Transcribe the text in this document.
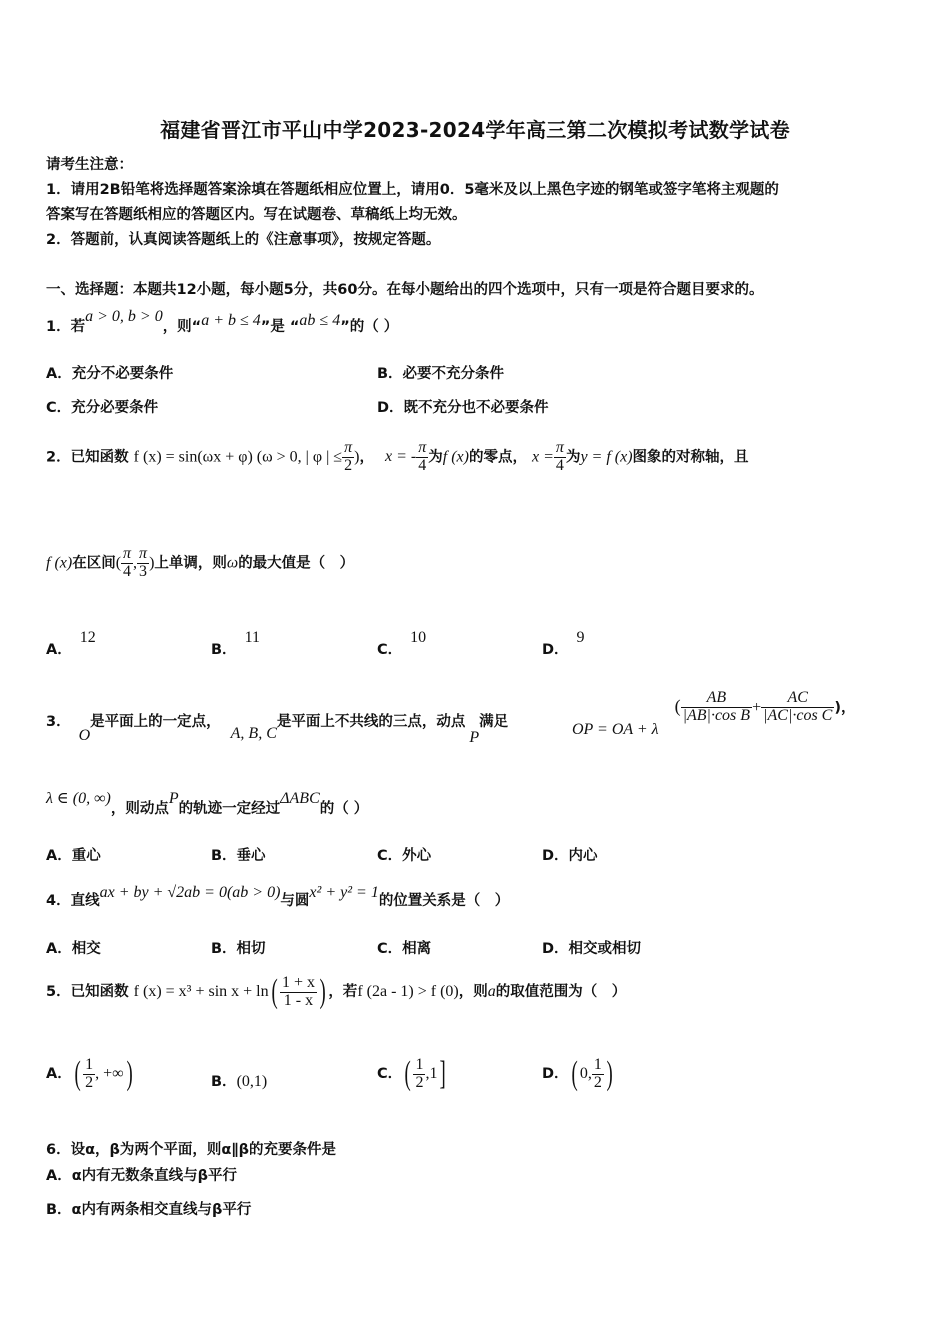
福建省晋江市平山中学2023-2024学年高三第二次模拟考试数学试卷
请考生注意：
1．请用2B铅笔将选择题答案涂填在答题纸相应位置上，请用0．5毫米及以上黑色字迹的钢笔或签字笔将主观题的
答案写在答题纸相应的答题区内。写在试题卷、草稿纸上均无效。
2．答题前，认真阅读答题纸上的《注意事项》，按规定答题。
一、选择题：本题共12小题，每小题5分，共60分。在每小题给出的四个选项中，只有一项是符合题目要求的。
1．若a > 0, b > 0，则“a + b ≤ 4”是 “ab ≤ 4”的（ ）
A．充分不必要条件	B．必要不充分条件
C．充分必要条件	D．既不充分也不必要条件
2．已知函数 f (x) = sin(ωx + φ) (ω > 0, | φ | ≤ $\frac{\pi}{2}$ )， x = - $\frac{\pi}{4}$ 为f (x)的零点， $x = \frac{\pi}{4}$ 为y = f (x)图象的对称轴，且
f (x)在区间( $\frac{\pi}{4}$ , $\frac{\pi}{3}$ )上单调，则ω的最大值是（　）
A．12
B．11
C．10
D．9
3．O是平面上的一定点，A, B, C是平面上不共线的三点，动点P满足	OP = OA + $\lambda( \frac{AB}{\text{|AB|·cos B}} + \frac{AC}{\text{|AC|·cos C}}$ )，
λ ∈ (0, ∞)，则动点P的轨迹一定经过ΔABC的（ ）
A．重心	B．垂心	C．外心	D．内心
4．直线ax + by + √2ab = 0(ab > 0)与圆x² + y² = 1的位置关系是（　）
A．相交	B．相切	C．相离	D．相交或相切
5．已知函数 f $(x) = x^3 + \sin x + \ln( \frac{1 + x}{1 - x}$ ) ，若f (2a - 1) > f (0)，则a的取值范围为（　）
A．( $\frac{1}{2}$ , +∞)	B．(0,1)	C．( $\frac{1}{2} ,1$]	D．( 0, $\frac{1}{2}$ )
6．设α，β为两个平面，则α∥β的充要条件是
A．α内有无数条直线与β平行
B．α内有两条相交直线与β平行
